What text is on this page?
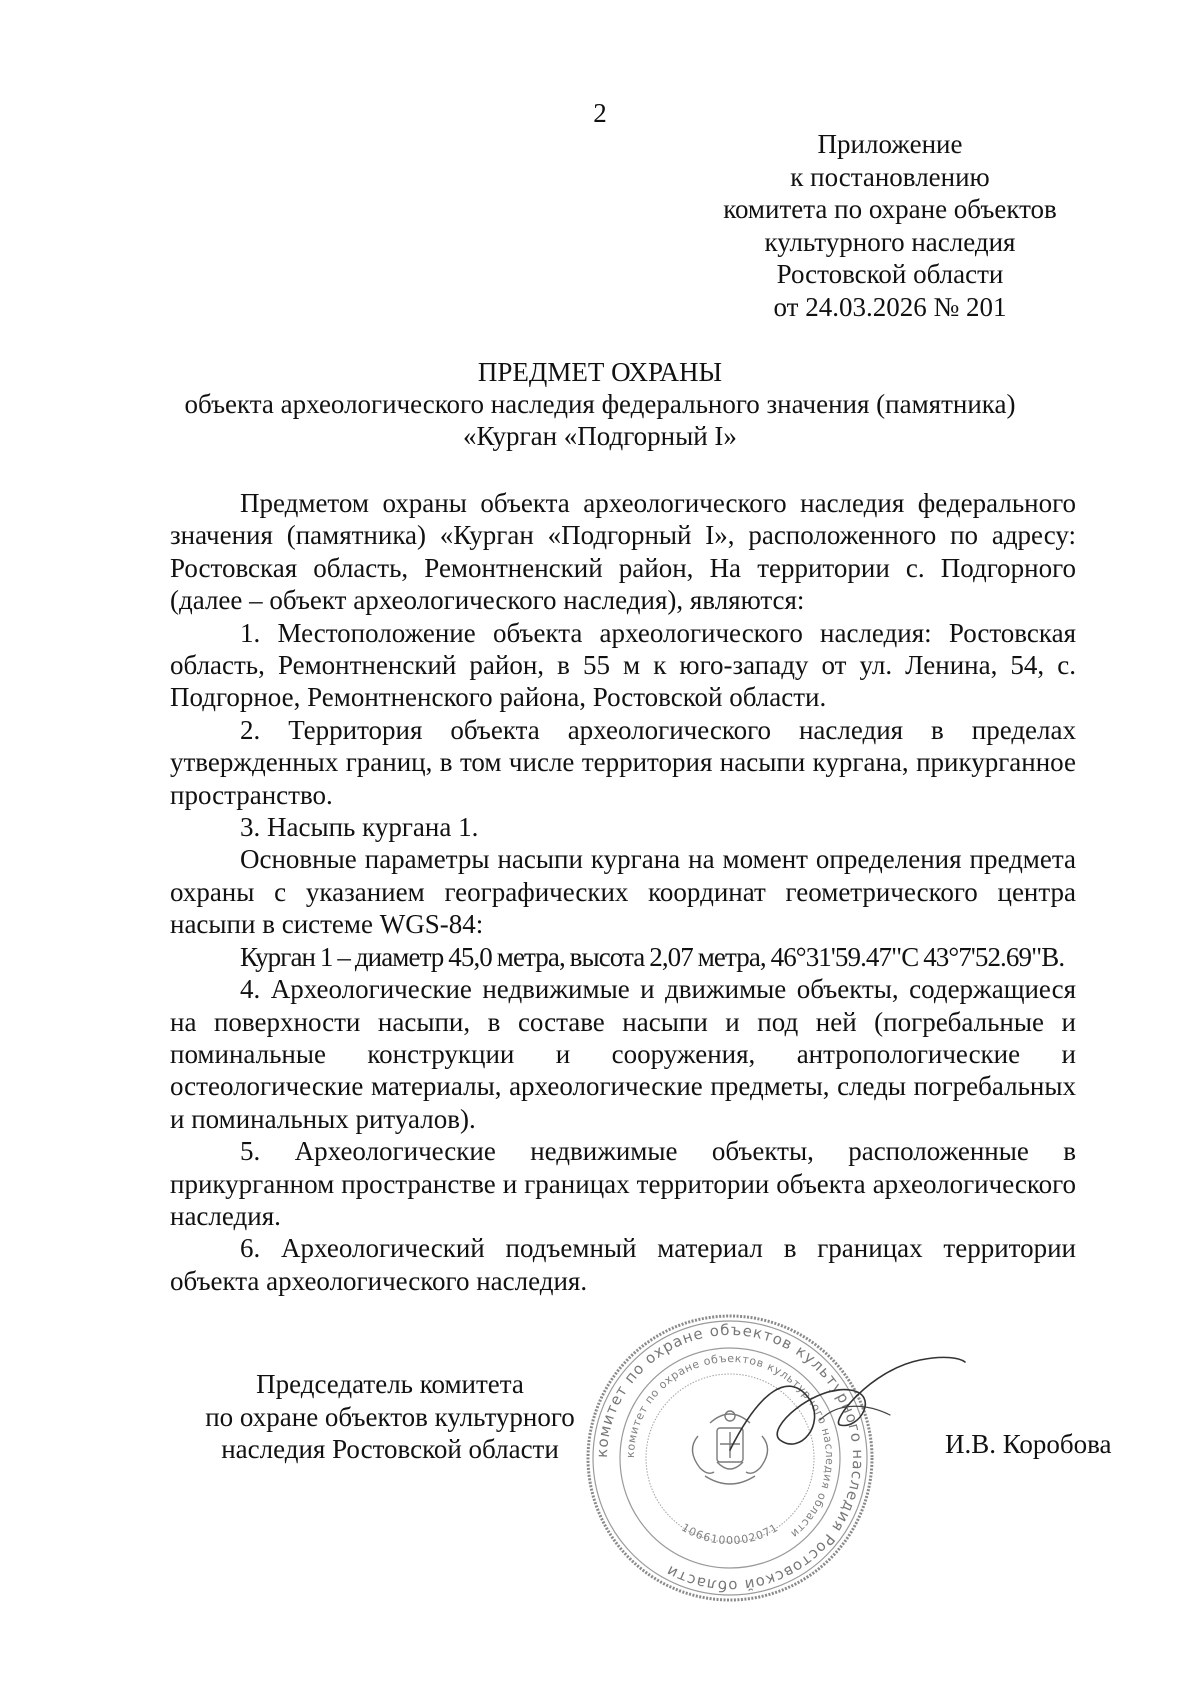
2
Приложение
к постановлению
комитета по охране объектов
культурного наследия
Ростовской области
от 24.03.2026 № 201
ПРЕДМЕТ ОХРАНЫ
объекта археологического наследия федерального значения (памятника)
«Курган «Подгорный I»

Предметом охраны объекта археологического наследия федерального значения (памятника) «Курган «Подгорный I», расположенного по адресу: Ростовская область, Ремонтненский район, На территории с. Подгорного (далее – объект археологического наследия), являются:

1. Местоположение объекта археологического наследия: Ростовская область, Ремонтненский район, в 55 м к юго-западу от ул. Ленина, 54, с. Подгорное, Ремонтненского района, Ростовской области.

2. Территория объекта археологического наследия в пределах утвержденных границ, в том числе территория насыпи кургана, прикурганное пространство.

3. Насыпь кургана 1.

Основные параметры насыпи кургана на момент определения предмета охраны с указанием географических координат геометрического центра насыпи в системе WGS-84:

Курган 1 – диаметр 45,0 метра, высота 2,07 метра, 46°31'59.47"С 43°7'52.69"В.

4. Археологические недвижимые и движимые объекты, содержащиеся на поверхности насыпи, в составе насыпи и под ней (погребальные и поминальные конструкции и сооружения, антропологические и остеологические материалы, археологические предметы, следы погребальных и поминальных ритуалов).

5. Археологические недвижимые объекты, расположенные в прикурганном пространстве и границах территории объекта археологического наследия.

6. Археологический подъемный материал в границах территории объекта археологического наследия.

Председатель комитета
по охране объектов культурного
наследия Ростовской области	комитет по охране объектов культурного наследия Ростовской области
комитет по охране объектов культурного наследия области
1066100002071
И.В. Коробова
